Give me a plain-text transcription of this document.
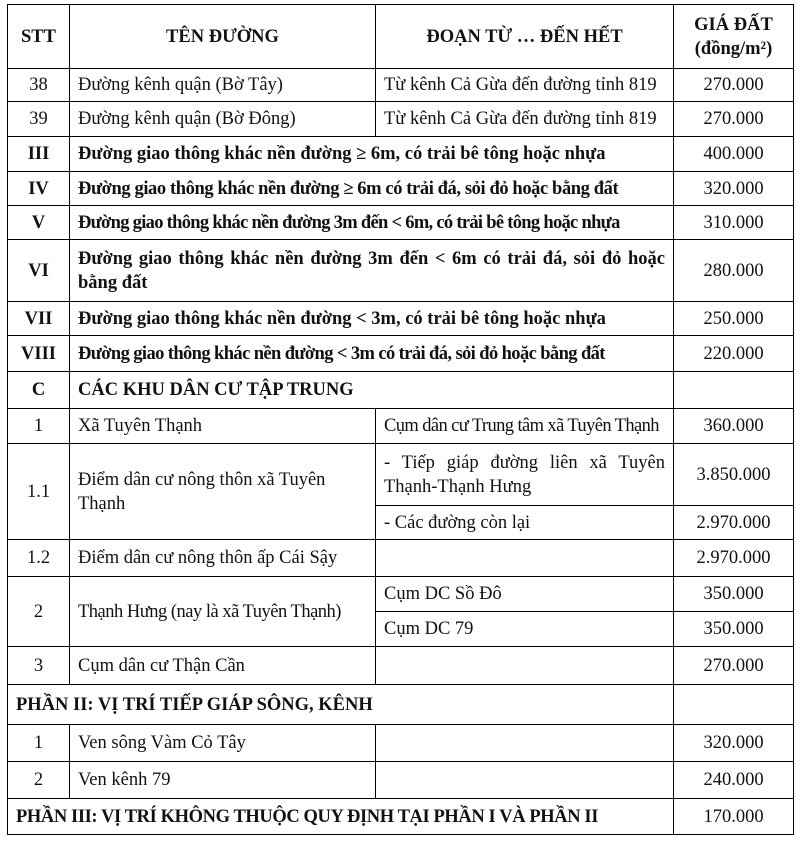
STT	TÊN ĐƯỜNG	ĐOẠN TỪ … ĐẾN HẾT	GIÁ ĐẤT
(đồng/m²)

38	Đường kênh quận (Bờ Tây)	Từ kênh Cả Gừa đến đường tỉnh 819	270.000
39	Đường kênh quận (Bờ Đông)	Từ kênh Cả Gừa đến đường tỉnh 819	270.000
III	Đường giao thông khác nền đường ≥ 6m, có trải bê tông hoặc nhựa		400.000
IV	Đường giao thông khác nền đường ≥ 6m có trải đá, sỏi đỏ hoặc bằng đất		320.000
V	Đường giao thông khác nền đường 3m đến < 6m, có trải bê tông hoặc nhựa		310.000
VI	Đường giao thông khác nền đường 3m đến < 6m có trải đá, sỏi đỏ hoặc bằng đất		280.000
VII	Đường giao thông khác nền đường < 3m, có trải bê tông hoặc nhựa		250.000
VIII	Đường giao thông khác nền đường < 3m có trải đá, sỏi đỏ hoặc bằng đất		220.000
C	CÁC KHU DÂN CƯ TẬP TRUNG		
1	Xã Tuyên Thạnh	Cụm dân cư Trung tâm xã Tuyên Thạnh	360.000
1.1	Điểm dân cư nông thôn xã Tuyên Thạnh	- Tiếp giáp đường liên xã Tuyên Thạnh-Thạnh Hưng	3.850.000
		- Các đường còn lại	2.970.000
1.2	Điểm dân cư nông thôn ấp Cái Sậy		2.970.000
2	Thạnh Hưng (nay là xã Tuyên Thạnh)	Cụm DC Sồ Đô	350.000
		Cụm DC 79	350.000
3	Cụm dân cư Thận Cần		270.000
PHẦN II: VỊ TRÍ TIẾP GIÁP SÔNG, KÊNH			
1	Ven sông Vàm Cỏ Tây		320.000
2	Ven kênh 79		240.000
PHẦN III: VỊ TRÍ KHÔNG THUỘC QUY ĐỊNH TẠI PHẦN I VÀ PHẦN II			170.000
